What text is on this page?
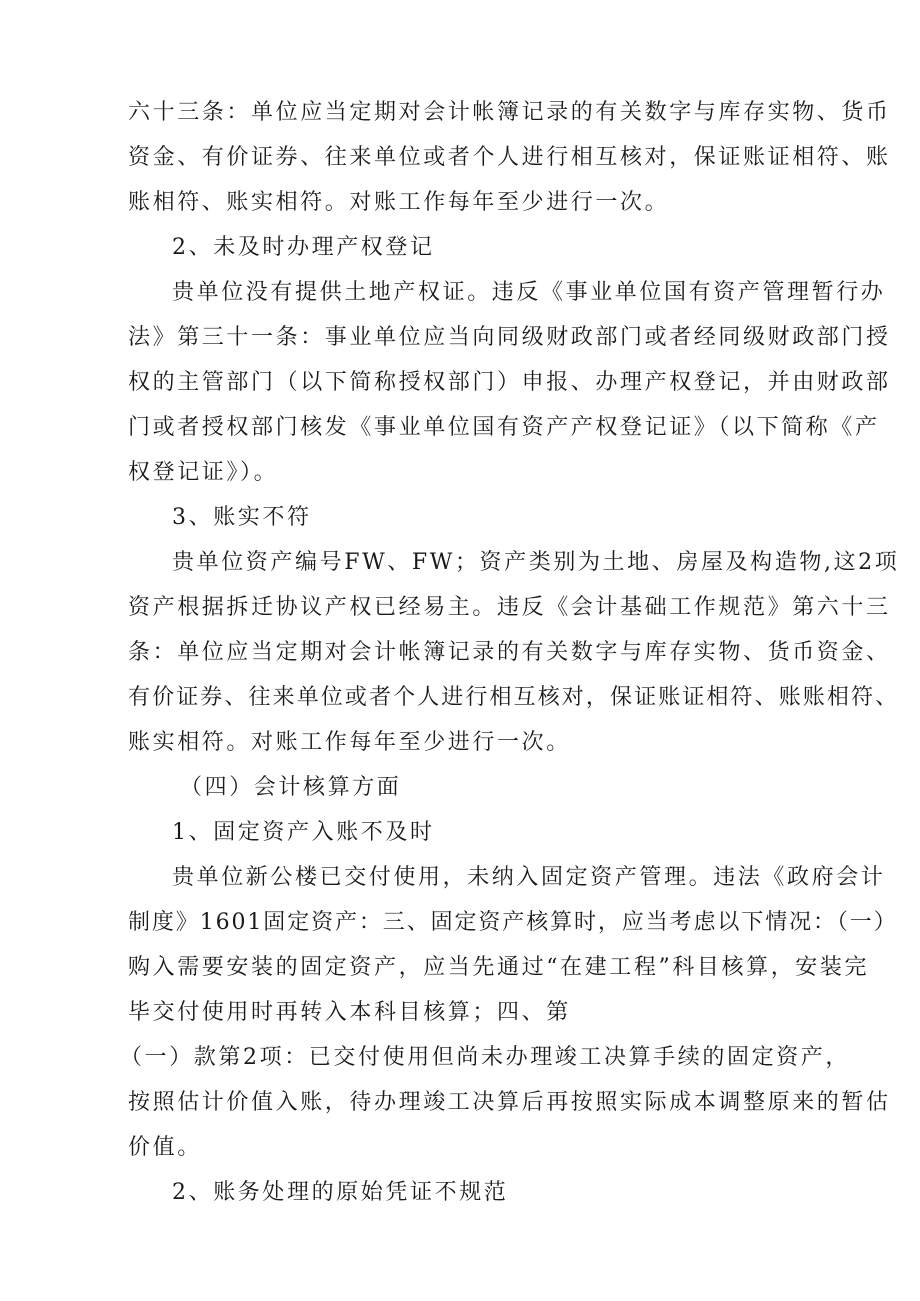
六十三条：单位应当定期对会计帐簿记录的有关数字与库存实物、货币
资金、有价证券、往来单位或者个人进行相互核对，保证账证相符、账
账相符、账实相符。对账工作每年至少进行一次。
2、未及时办理产权登记
贵单位没有提供土地产权证。违反《事业单位国有资产管理暂行办
法》第三十一条：事业单位应当向同级财政部门或者经同级财政部门授
权的主管部门（以下简称授权部门）申报、办理产权登记，并由财政部
门或者授权部门核发《事业单位国有资产产权登记证》（以下简称《产
权登记证》）。
3、账实不符
贵单位资产编号FW、FW；资产类别为土地、房屋及构造物,这2项
资产根据拆迁协议产权已经易主。违反《会计基础工作规范》第六十三
条：单位应当定期对会计帐簿记录的有关数字与库存实物、货币资金、
有价证券、往来单位或者个人进行相互核对，保证账证相符、账账相符、
账实相符。对账工作每年至少进行一次。
（四）会计核算方面
1、固定资产入账不及时
贵单位新公楼已交付使用，未纳入固定资产管理。违法《政府会计
制度》1601固定资产：三、固定资产核算时，应当考虑以下情况：（一）
购入需要安装的固定资产，应当先通过“在建工程”科目核算，安装完
毕交付使用时再转入本科目核算；四、第
（一）款第2项：已交付使用但尚未办理竣工决算手续的固定资产，
按照估计价值入账，待办理竣工决算后再按照实际成本调整原来的暂估
价值。
2、账务处理的原始凭证不规范
